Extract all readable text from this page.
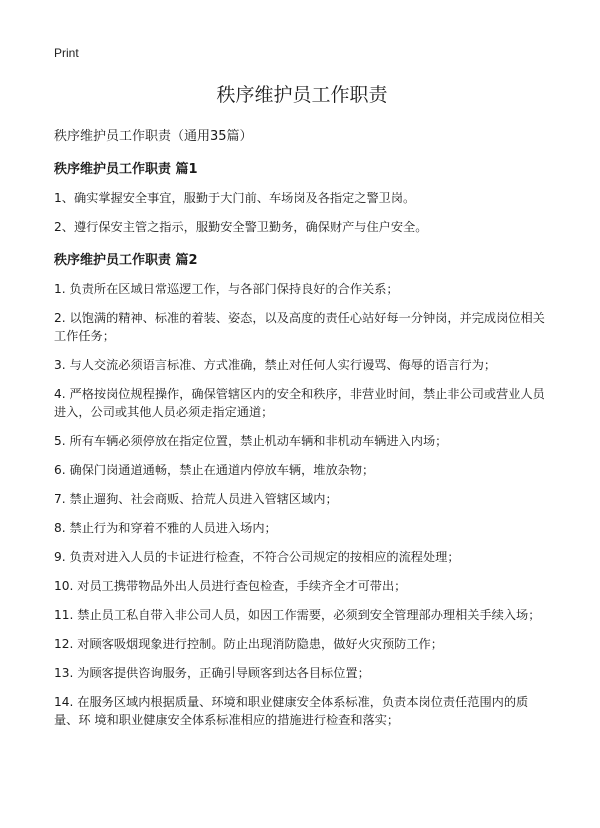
Print
秩序维护员工作职责

秩序维护员工作职责（通用35篇）

秩序维护员工作职责 篇1

1、确实掌握安全事宜，服勤于大门前、车场岗及各指定之警卫岗。

2、遵行保安主管之指示，服勤安全警卫勤务，确保财产与住户安全。

秩序维护员工作职责 篇2

1. 负责所在区域日常巡逻工作，与各部门保持良好的合作关系；

2. 以饱满的精神、标准的着装、姿态，以及高度的责任心站好每一分钟岗，并完成岗位相关工作任务；

3. 与人交流必须语言标准、方式准确，禁止对任何人实行谩骂、侮辱的语言行为；

4. 严格按岗位规程操作，确保管辖区内的安全和秩序，非营业时间，禁止非公司或营业人员进入，公司或其他人员必须走指定通道；

5. 所有车辆必须停放在指定位置，禁止机动车辆和非机动车辆进入内场；

6. 确保门岗通道通畅，禁止在通道内停放车辆，堆放杂物；

7. 禁止遛狗、社会商贩、拾荒人员进入管辖区域内；

8. 禁止行为和穿着不雅的人员进入场内；

9. 负责对进入人员的卡证进行检查，不符合公司规定的按相应的流程处理；

10. 对员工携带物品外出人员进行查包检查，手续齐全才可带出；

11. 禁止员工私自带入非公司人员，如因工作需要，必须到安全管理部办理相关手续入场；

12. 对顾客吸烟现象进行控制。防止出现消防隐患，做好火灾预防工作；

13. 为顾客提供咨询服务，正确引导顾客到达各目标位置；

14. 在服务区域内根据质量、环境和职业健康安全体系标准，负责本岗位责任范围内的质量、环 境和职业健康安全体系标准相应的措施进行检查和落实；
